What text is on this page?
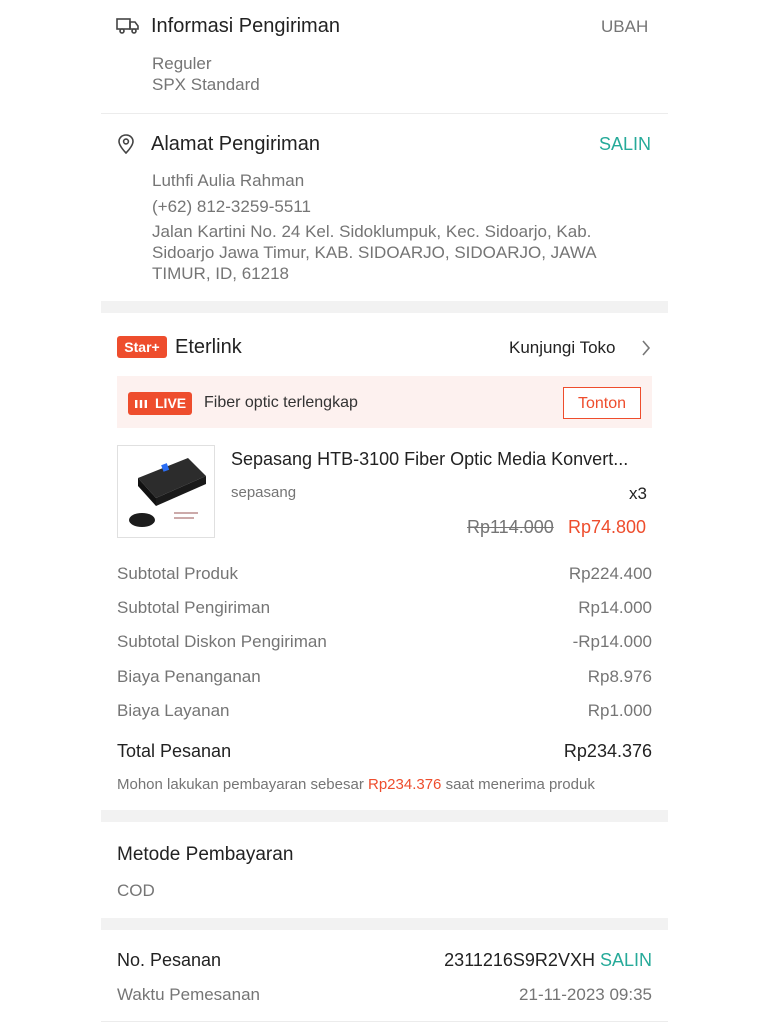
Informasi Pengiriman	UBAH
Reguler
SPX Standard
Alamat Pengiriman	SALIN
Luthfi Aulia Rahman
(+62) 812-3259-5511
Jalan Kartini No. 24 Kel. Sidoklumpuk, Kec. Sidoarjo, Kab.
Sidoarjo Jawa Timur, KAB. SIDOARJO, SIDOARJO, JAWA
TIMUR, ID, 61218
Star+ Eterlink	Kunjungi Toko
LIVE Fiber optic terlengkap	Tonton
Sepasang HTB-3100 Fiber Optic Media Konvert...
sepasang	x3
Rp114.000 Rp74.800
Subtotal Produk	Rp224.400
Subtotal Pengiriman	Rp14.000
Subtotal Diskon Pengiriman	-Rp14.000
Biaya Penanganan	Rp8.976
Biaya Layanan	Rp1.000
Total Pesanan	Rp234.376
Mohon lakukan pembayaran sebesar Rp234.376 saat menerima produk
Metode Pembayaran
COD
No. Pesanan	2311216S9R2VXH SALIN
Waktu Pemesanan	21-11-2023 09:35
